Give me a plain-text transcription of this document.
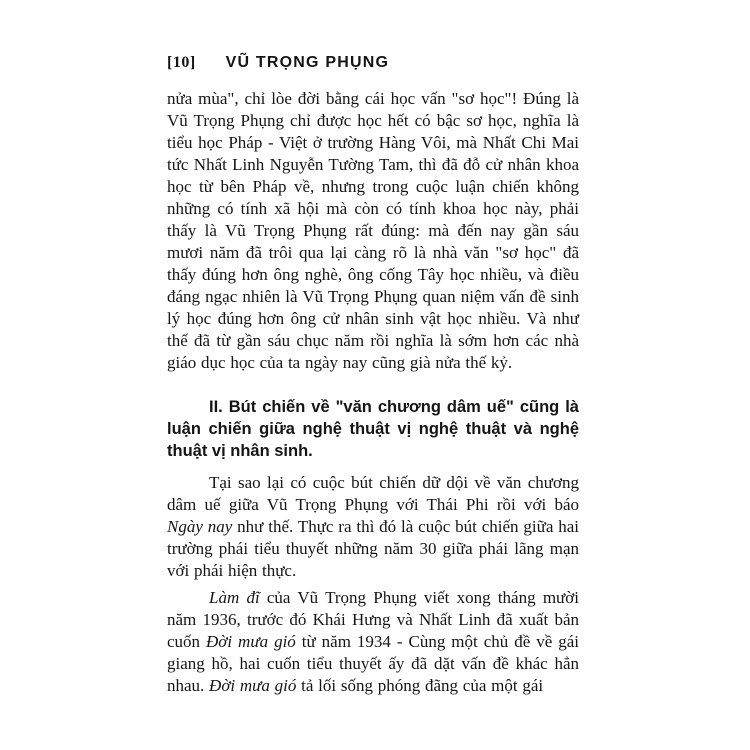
[10] VŨ TRỌNG PHỤNG

nửa mùa", chỉ lòe đời bằng cái học vấn "sơ học"! Đúng là Vũ Trọng Phụng chỉ được học hết có bậc sơ học, nghĩa là tiểu học Pháp - Việt ở trường Hàng Vôi, mà Nhất Chi Mai tức Nhất Linh Nguyễn Tường Tam, thì đã đỗ cử nhân khoa học từ bên Pháp về, nhưng trong cuộc luận chiến không những có tính xã hội mà còn có tính khoa học này, phải thấy là Vũ Trọng Phụng rất đúng: mà đến nay gần sáu mươi năm đã trôi qua lại càng rõ là nhà văn "sơ học" đã thấy đúng hơn ông nghè, ông cống Tây học nhiều, và điều đáng ngạc nhiên là Vũ Trọng Phụng quan niệm vấn đề sinh lý học đúng hơn ông cử nhân sinh vật học nhiều. Và như thế đã từ gần sáu chục năm rồi nghĩa là sớm hơn các nhà giáo dục học của ta ngày nay cũng già nửa thế kỷ.

II. Bút chiến về "văn chương dâm uế" cũng là luận chiến giữa nghệ thuật vị nghệ thuật và nghệ thuật vị nhân sinh.

Tại sao lại có cuộc bút chiến dữ dội về văn chương dâm uế giữa Vũ Trọng Phụng với Thái Phi rồi với báo Ngày nay như thế. Thực ra thì đó là cuộc bút chiến giữa hai trường phái tiểu thuyết những năm 30 giữa phái lãng mạn với phái hiện thực.

Làm đĩ của Vũ Trọng Phụng viết xong tháng mười năm 1936, trước đó Khái Hưng và Nhất Linh đã xuất bản cuốn Đời mưa gió từ năm 1934 - Cùng một chủ đề về gái giang hồ, hai cuốn tiểu thuyết ấy đã dặt vấn đề khác hẳn nhau. Đời mưa gió tả lối sống phóng đãng của một gái
